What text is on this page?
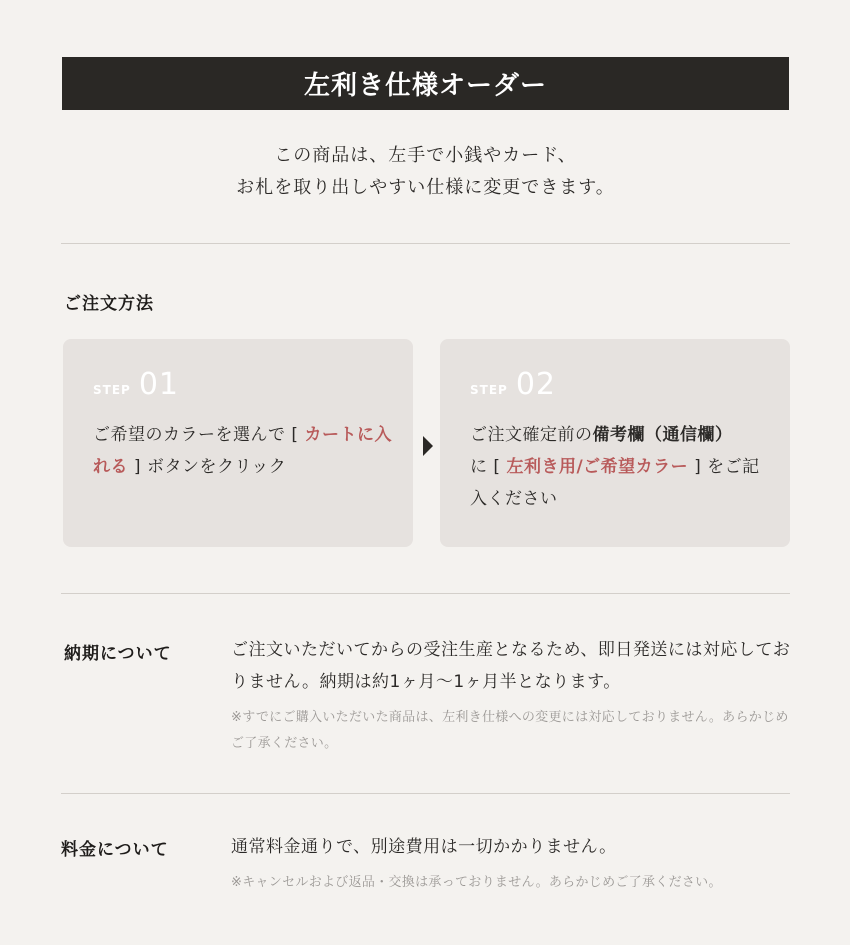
左利き仕様オーダー
この商品は、左手で小銭やカード、
お札を取り出しやすい仕様に変更できます。
ご注文方法
STEP 01
ご希望のカラーを選んで [ カートに入れる ] ボタンをクリック
STEP 02
ご注文確定前の備考欄（通信欄）
に [ 左利き用/ご希望カラー ] をご記入ください
納期について	ご注文いただいてからの受注生産となるため、即日発送には対応しておりません。納期は約1ヶ月〜1ヶ月半となります。
※すでにご購入いただいた商品は、左利き仕様への変更には対応しておりません。あらかじめご了承ください。
料金について	通常料金通りで、別途費用は一切かかりません。
※キャンセルおよび返品・交換は承っておりません。あらかじめご了承ください。
